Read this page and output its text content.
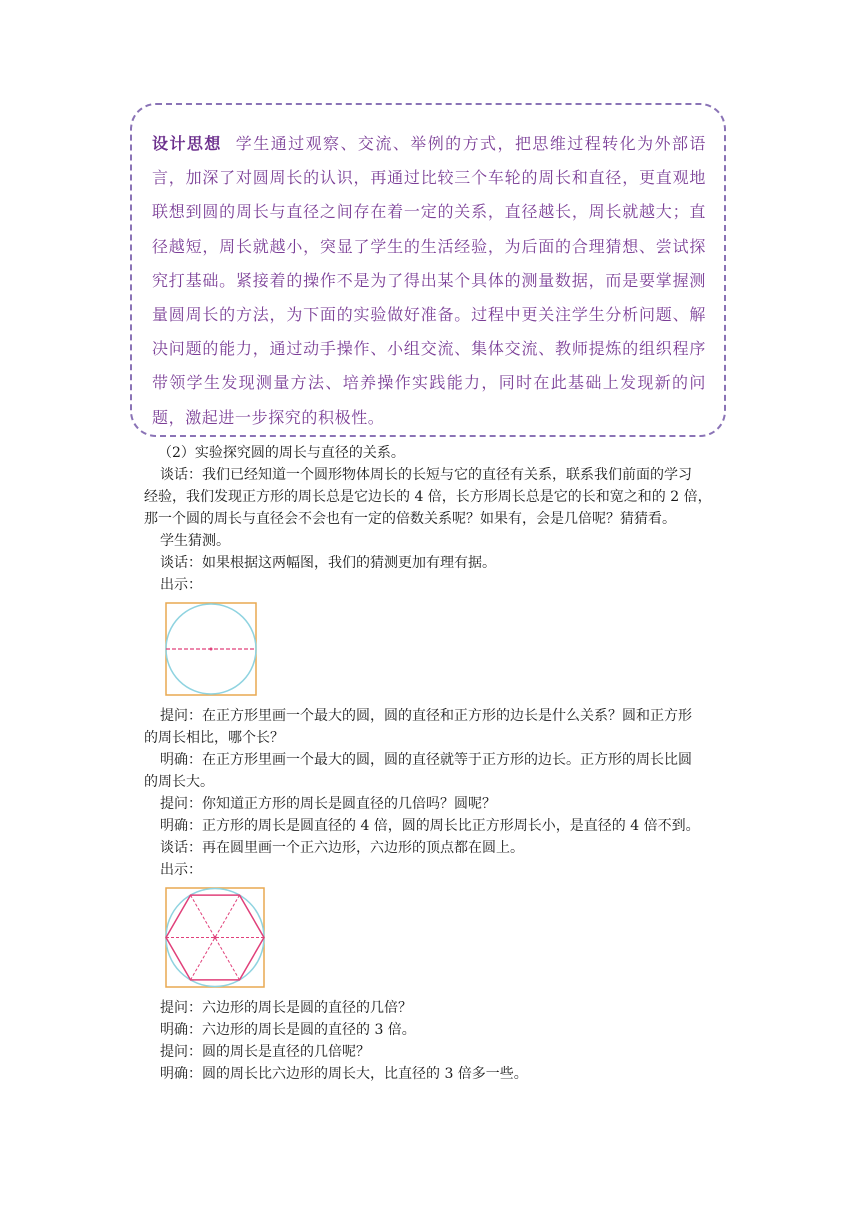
设计思想 学生通过观察、交流、举例的方式，把思维过程转化为外部语言，加深了对圆周长的认识，再通过比较三个车轮的周长和直径，更直观地联想到圆的周长与直径之间存在着一定的关系，直径越长，周长就越大；直径越短，周长就越小，突显了学生的生活经验，为后面的合理猜想、尝试探究打基础。紧接着的操作不是为了得出某个具体的测量数据，而是要掌握测量圆周长的方法，为下面的实验做好准备。过程中更关注学生分析问题、解决问题的能力，通过动手操作、小组交流、集体交流、教师提炼的组织程序带领学生发现测量方法、培养操作实践能力，同时在此基础上发现新的问题，激起进一步探究的积极性。

（2）实验探究圆的周长与直径的关系。

谈话：我们已经知道一个圆形物体周长的长短与它的直径有关系，联系我们前面的学习

经验，我们发现正方形的周长总是它边长的 4 倍，长方形周长总是它的长和宽之和的 2 倍，

那一个圆的周长与直径会不会也有一定的倍数关系呢？如果有，会是几倍呢？猜猜看。

学生猜测。

谈话：如果根据这两幅图，我们的猜测更加有理有据。

出示：

提问：在正方形里画一个最大的圆，圆的直径和正方形的边长是什么关系？圆和正方形

的周长相比，哪个长？

明确：在正方形里画一个最大的圆，圆的直径就等于正方形的边长。正方形的周长比圆

的周长大。

提问：你知道正方形的周长是圆直径的几倍吗？圆呢？

明确：正方形的周长是圆直径的 4 倍，圆的周长比正方形周长小，是直径的 4 倍不到。

谈话：再在圆里画一个正六边形，六边形的顶点都在圆上。

出示：

提问：六边形的周长是圆的直径的几倍？

明确：六边形的周长是圆的直径的 3 倍。

提问：圆的周长是直径的几倍呢？

明确：圆的周长比六边形的周长大，比直径的 3 倍多一些。
